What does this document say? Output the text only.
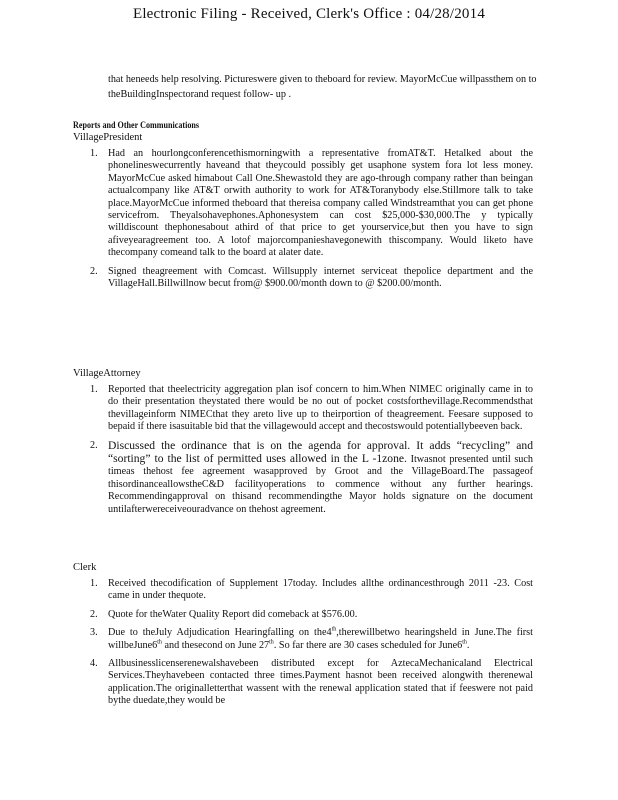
Electronic Filing - Received, Clerk's Office : 04/28/2014
that heneeds help resolving. Pictureswere given to theboard for review. MayorMcCue willpassthem on to theBuildingInspectorand request follow- up .
Reports and Other Communications
VillagePresident
1. Had an hourlongconferencethismorningwith a representative fromAT&T. Hetalked about the phonelineswecurrently haveand that theycould possibly get usaphone system fora lot less money. MayorMcCue asked himabout Call One.Shewastold they are ago-through company rather than beingan actualcompany like AT&T orwith authority to work for AT&Toranybody else.Stillmore talk to take place.MayorMcCue informed theboard that thereisa company called Windstreamthat you can get phone servicefrom. Theyalsohavephones.Aphonesystem can cost $25,000-$30,000.The y typically willdiscount thephonesabout athird of that price to get yourservice,but then you have to sign afiveyearagreement too. A lotof majorcompanieshavegonewith thiscompany. Would liketo have thecompany comeand talk to the board at alater date.
2. Signed theagreement with Comcast. Willsupply internet serviceat thepolice department and the VillageHall.Billwillnow becut from@ $900.00/month down to @ $200.00/month.
VillageAttorney
1. Reported that theelectricity aggregation plan isof concern to him.When NIMEC originally came in to do their presentation theystated there would be no out of pocket costsforthevillage.Recommendsthat thevillageinform NIMECthat they areto live up to theirportion of theagreement. Feesare supposed to bepaid if there isasuitable bid that the villagewould accept and thecostswould potentiallybeeven back.
2. Discussed the ordinance that is on the agenda for approval. It adds “recycling” and “sorting” to the list of permitted uses allowed in the L -1zone. Itwasnot presented until such timeas thehost fee agreement wasapproved by Groot and the VillageBoard.The passageof thisordinanceallowstheC&D facilityoperations to commence without any further hearings. Recommendingapproval on thisand recommendingthe Mayor holds signature on the document untilafterwereceiveouradvance on thehost agreement.
Clerk
1. Received thecodification of Supplement 17today. Includes allthe ordinancesthrough 2011 -23. Cost came in under thequote.
2. Quote for theWater Quality Report did comeback at $576.00.
3. Due to theJuly Adjudication Hearingfalling on the4th,therewillbetwo hearingsheld in June.The first willbeJune6th and thesecond on June 27th. So far there are 30 cases scheduled for June6th.
4. Allbusinesslicenserenewalshavebeen distributed except for AztecaMechanicaland Electrical Services.Theyhavebeen contacted three times.Payment hasnot been received alongwith therenewal application.The originalletterthat wassent with the renewal application stated that if feeswere not paid bythe duedate,they would be
